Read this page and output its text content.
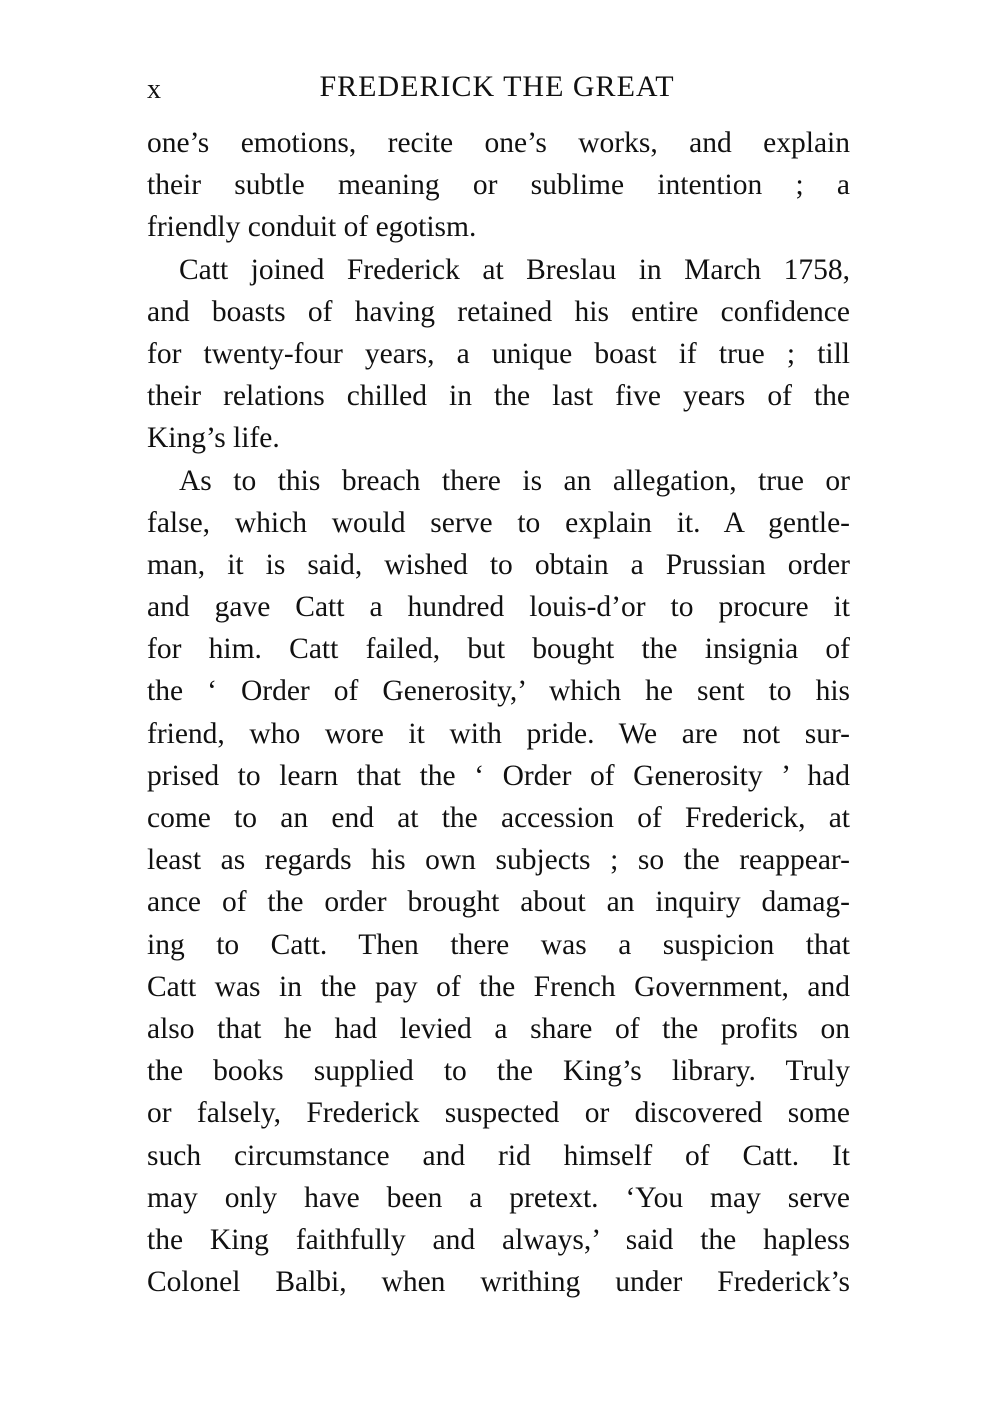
x	FREDERICK THE GREAT
one’s emotions, recite one’s works, and explain
their subtle meaning or sublime intention ; a
friendly conduit of egotism.
Catt joined Frederick at Breslau in March 1758,
and boasts of having retained his entire confidence
for twenty-four years, a unique boast if true ; till
their relations chilled in the last five years of the
King’s life.
As to this breach there is an allegation, true or
false, which would serve to explain it. A gentle-
man, it is said, wished to obtain a Prussian order
and gave Catt a hundred louis-d’or to procure it
for him. Catt failed, but bought the insignia of
the ‘ Order of Generosity,’ which he sent to his
friend, who wore it with pride. We are not sur-
prised to learn that the ‘ Order of Generosity ’ had
come to an end at the accession of Frederick, at
least as regards his own subjects ; so the reappear-
ance of the order brought about an inquiry damag-
ing to Catt. Then there was a suspicion that
Catt was in the pay of the French Government, and
also that he had levied a share of the profits on
the books supplied to the King’s library. Truly
or falsely, Frederick suspected or discovered some
such circumstance and rid himself of Catt. It
may only have been a pretext. ‘You may serve
the King faithfully and always,’ said the hapless
Colonel Balbi, when writhing under Frederick’s
